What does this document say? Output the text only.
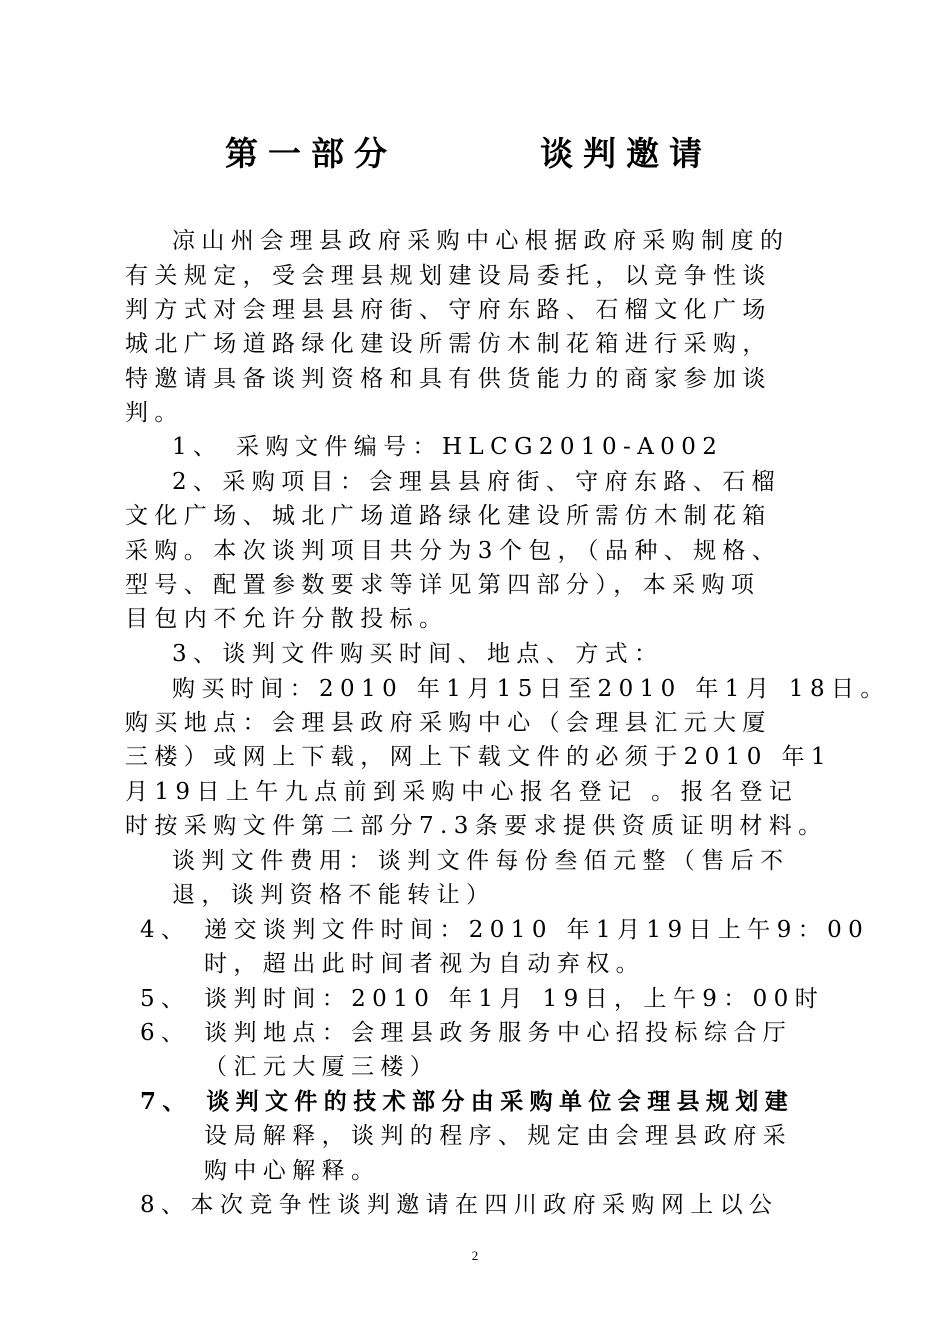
第一部分	谈判邀请
凉山州会理县政府采购中心根据政府采购制度的
有关规定，受会理县规划建设局委托，以竞争性谈
判方式对会理县县府街、守府东路、石榴文化广场
城北广场道路绿化建设所需仿木制花箱进行采购，
特邀请具备谈判资格和具有供货能力的商家参加谈
判。
1、 采购文件编号：HLCG2010-A002
2、采购项目：会理县县府街、守府东路、石榴
文化广场、城北广场道路绿化建设所需仿木制花箱
采购。本次谈判项目共分为3个包，（品种、规格、
型号、配置参数要求等详见第四部分），本采购项
目包内不允许分散投标。
3、谈判文件购买时间、地点、方式：
购买时间：2010 年1月15日至2010 年1月 18日。
购买地点：会理县政府采购中心（会理县汇元大厦
三楼）或网上下载，网上下载文件的必须于2010 年1
月19日上午九点前到采购中心报名登记 。报名登记
时按采购文件第二部分7.3条要求提供资质证明材料。
谈判文件费用：谈判文件每份叁佰元整（售后不
退，谈判资格不能转让）
4、 递交谈判文件时间：2010 年1月19日上午9：00
时，超出此时间者视为自动弃权。
5、 谈判时间：2010 年1月 19日，上午9：00时
6、 谈判地点：会理县政务服务中心招投标综合厅
（汇元大厦三楼）
7、 谈判文件的技术部分由采购单位会理县规划建
设局解释，谈判的程序、规定由会理县政府采
购中心解释。
8、本次竞争性谈判邀请在四川政府采购网上以公
2
